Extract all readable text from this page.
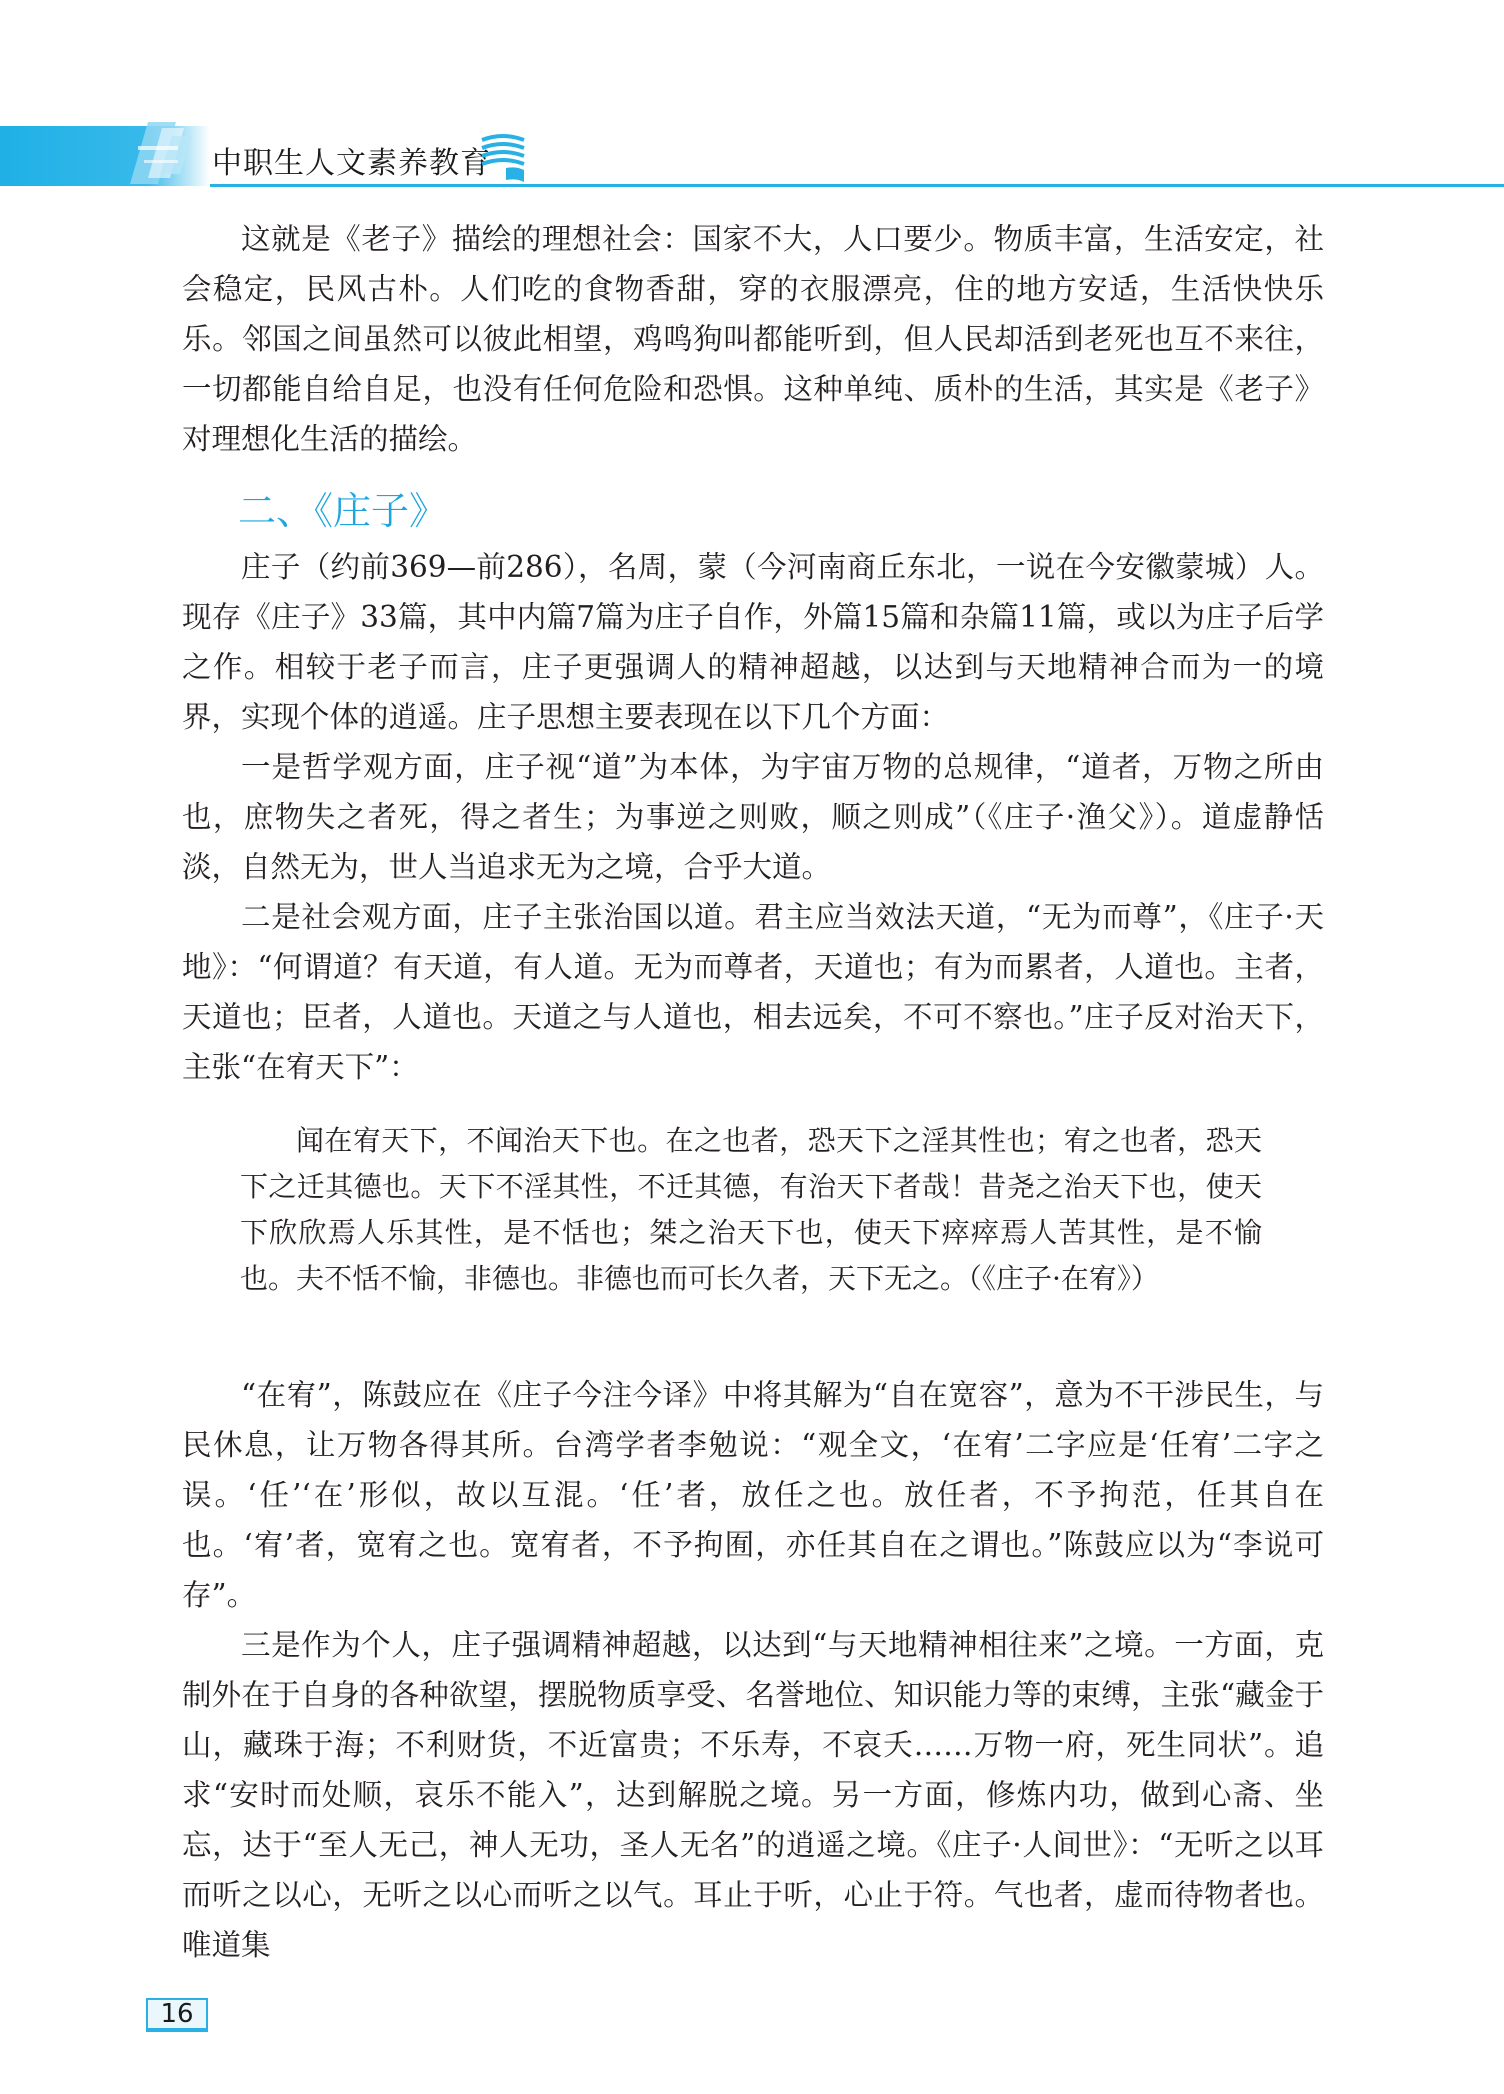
中职生人文素养教育

这就是《老子》描绘的理想社会：国家不大，人口要少。物质丰富，生活安定，社会稳定，民风古朴。人们吃的食物香甜，穿的衣服漂亮，住的地方安适，生活快快乐乐。邻国之间虽然可以彼此相望，鸡鸣狗叫都能听到，但人民却活到老死也互不来往，一切都能自给自足，也没有任何危险和恐惧。这种单纯、质朴的生活，其实是《老子》对理想化生活的描绘。

二、《庄子》

庄子（约前369—前286），名周，蒙（今河南商丘东北，一说在今安徽蒙城）人。现存《庄子》33篇，其中内篇7篇为庄子自作，外篇15篇和杂篇11篇，或以为庄子后学之作。相较于老子而言，庄子更强调人的精神超越，以达到与天地精神合而为一的境界，实现个体的逍遥。庄子思想主要表现在以下几个方面：

一是哲学观方面，庄子视“道”为本体，为宇宙万物的总规律，“道者，万物之所由也，庶物失之者死，得之者生；为事逆之则败，顺之则成”（《庄子·渔父》）。道虚静恬淡，自然无为，世人当追求无为之境，合乎大道。

二是社会观方面，庄子主张治国以道。君主应当效法天道，“无为而尊”，《庄子·天地》：“何谓道？有天道，有人道。无为而尊者，天道也；有为而累者，人道也。主者，天道也；臣者，人道也。天道之与人道也，相去远矣，不可不察也。”庄子反对治天下，主张“在宥天下”：

闻在宥天下，不闻治天下也。在之也者，恐天下之淫其性也；宥之也者，恐天下之迁其德也。天下不淫其性，不迁其德，有治天下者哉！昔尧之治天下也，使天下欣欣焉人乐其性，是不恬也；桀之治天下也，使天下瘁瘁焉人苦其性，是不愉也。夫不恬不愉，非德也。非德也而可长久者，天下无之。（《庄子·在宥》）

“在宥”，陈鼓应在《庄子今注今译》中将其解为“自在宽容”，意为不干涉民生，与民休息，让万物各得其所。台湾学者李勉说：“观全文，‘在宥’二字应是‘任宥’二字之误。‘任’‘在’形似，故以互混。‘任’者，放任之也。放任者，不予拘范，任其自在也。‘宥’者，宽宥之也。宽宥者，不予拘囿，亦任其自在之谓也。”陈鼓应以为“李说可存”。

三是作为个人，庄子强调精神超越，以达到“与天地精神相往来”之境。一方面，克制外在于自身的各种欲望，摆脱物质享受、名誉地位、知识能力等的束缚，主张“藏金于山，藏珠于海；不利财货，不近富贵；不乐寿，不哀夭……万物一府，死生同状”。追求“安时而处顺，哀乐不能入”，达到解脱之境。另一方面，修炼内功，做到心斋、坐忘，达于“至人无己，神人无功，圣人无名”的逍遥之境。《庄子·人间世》：“无听之以耳而听之以心，无听之以心而听之以气。耳止于听，心止于符。气也者，虚而待物者也。唯道集

16
